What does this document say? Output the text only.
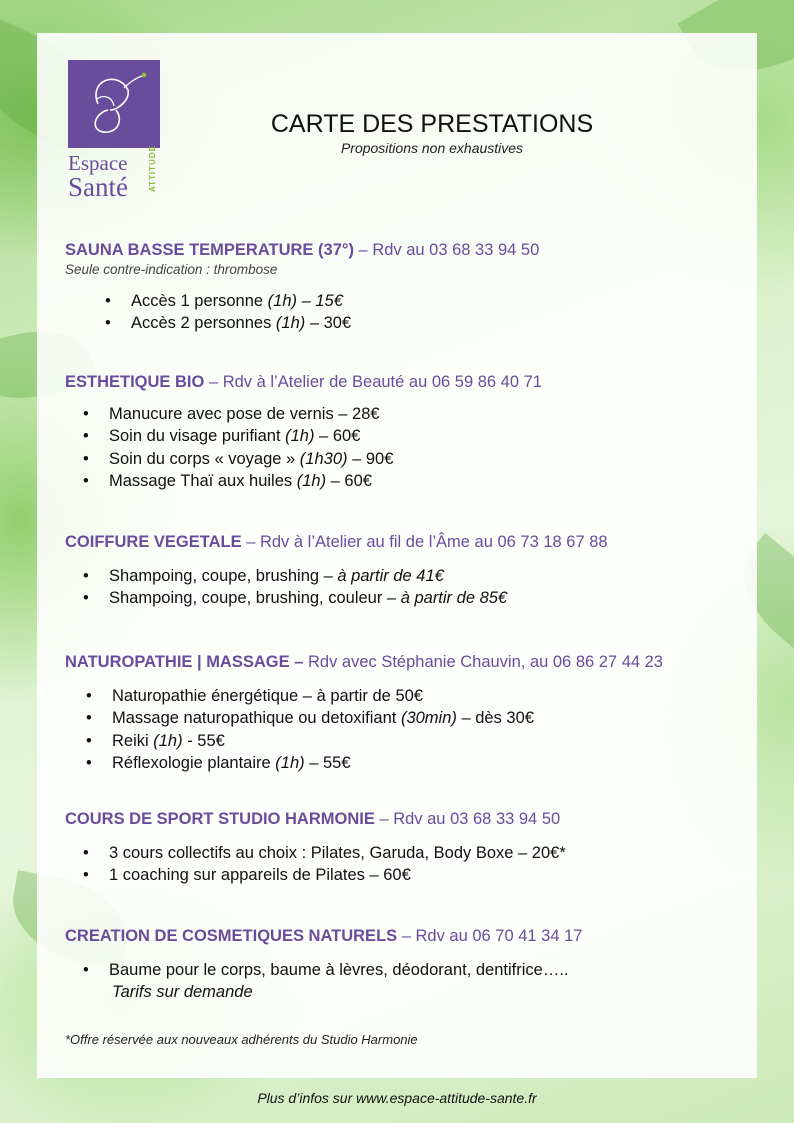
Espace
Santé	ATTITUDE
CARTE DES PRESTATIONS
Propositions non exhaustives
SAUNA BASSE TEMPERATURE (37°) – Rdv au 03 68 33 94 50
Seule contre-indication : thrombose
• Accès 1 personne (1h) – 15€
• Accès 2 personnes (1h) – 30€
ESTHETIQUE BIO – Rdv à l’Atelier de Beauté au 06 59 86 40 71
• Manucure avec pose de vernis – 28€
• Soin du visage purifiant (1h) – 60€
• Soin du corps « voyage » (1h30) – 90€
• Massage Thaï aux huiles (1h) – 60€
COIFFURE VEGETALE – Rdv à l’Atelier au fil de l’Âme au 06 73 18 67 88
• Shampoing, coupe, brushing – à partir de 41€
• Shampoing, coupe, brushing, couleur – à partir de 85€
NATUROPATHIE | MASSAGE – Rdv avec Stéphanie Chauvin, au 06 86 27 44 23
• Naturopathie énergétique – à partir de 50€
• Massage naturopathique ou detoxifiant (30min) – dès 30€
• Reiki (1h) - 55€
• Réflexologie plantaire (1h) – 55€
COURS DE SPORT STUDIO HARMONIE – Rdv au 03 68 33 94 50
• 3 cours collectifs au choix : Pilates, Garuda, Body Boxe – 20€*
• 1 coaching sur appareils de Pilates – 60€
CREATION DE COSMETIQUES NATURELS – Rdv au 06 70 41 34 17
• Baume pour le corps, baume à lèvres, déodorant, dentifrice…..
Tarifs sur demande
*Offre réservée aux nouveaux adhérents du Studio Harmonie
Plus d’infos sur www.espace-attitude-sante.fr
